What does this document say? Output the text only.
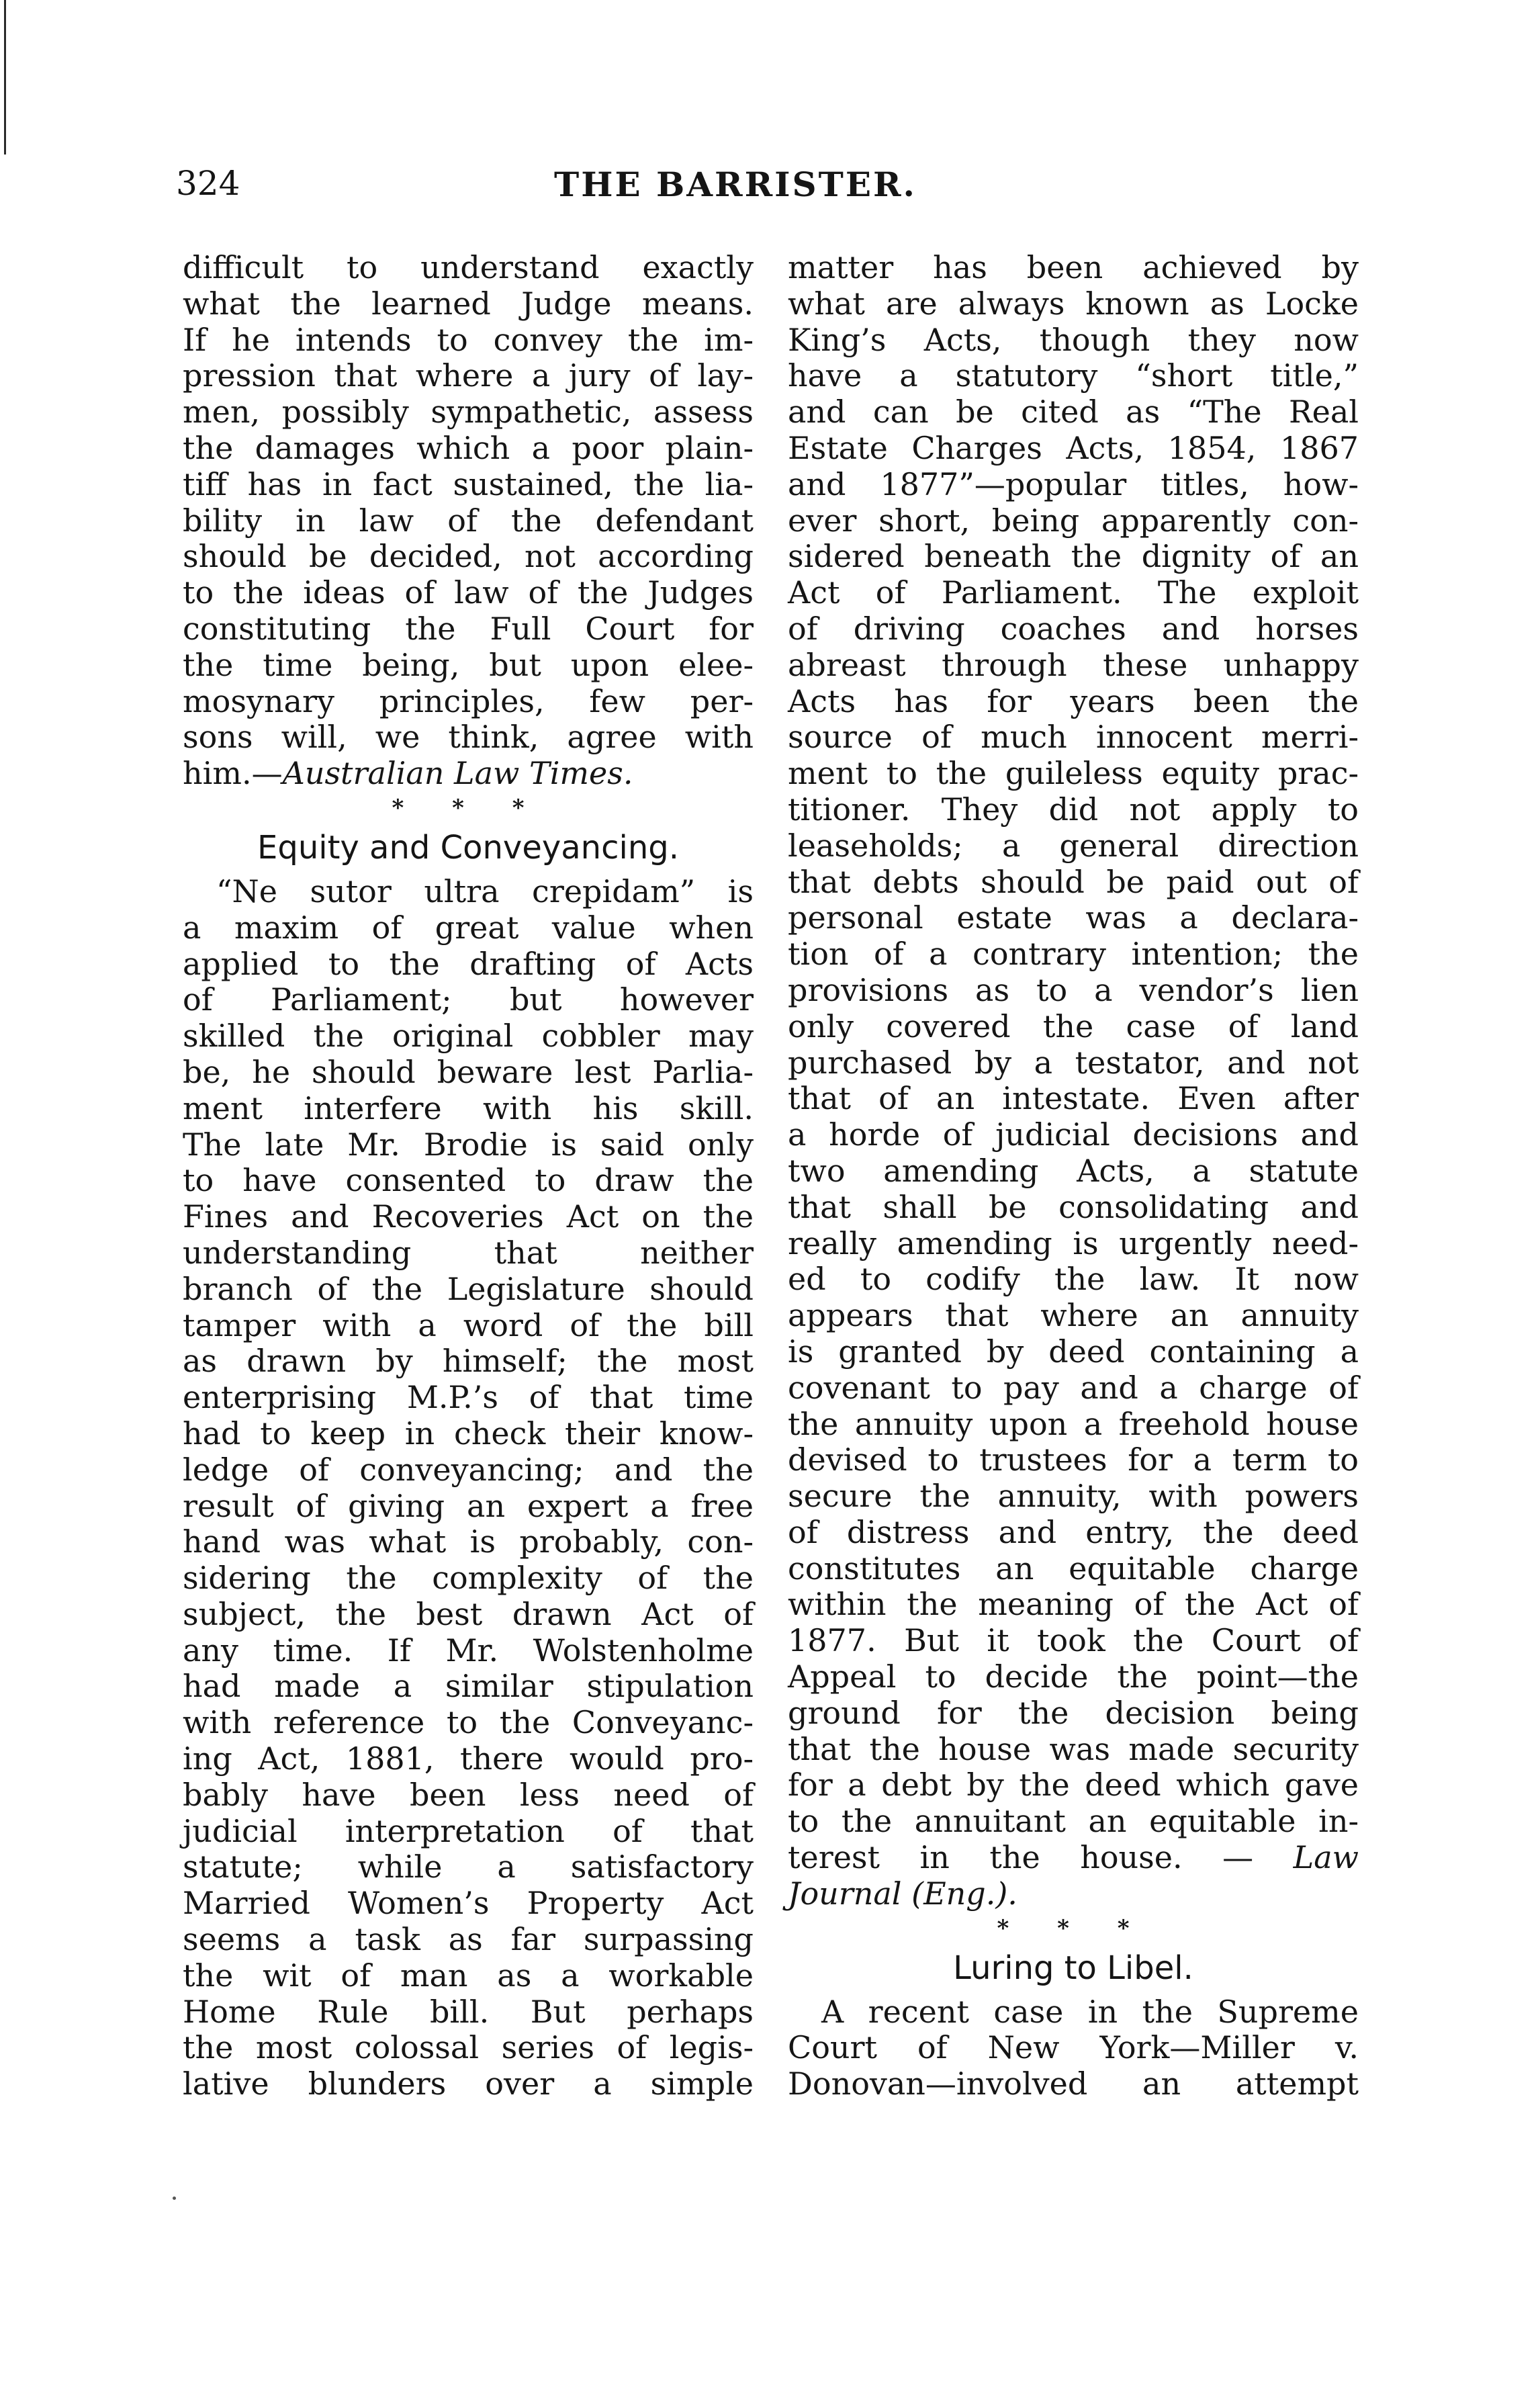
324	THE BARRISTER.

difficult to understand exactly

what the learned Judge means.

If he intends to convey the im-

pression that where a jury of lay-

men, possibly sympathetic, assess

the damages which a poor plain-

tiff has in fact sustained, the lia-

bility in law of the defendant

should be decided, not according

to the ideas of law of the Judges

constituting the Full Court for

the time being, but upon elee-

mosynary principles, few per-

sons will, we think, agree with

him.—Australian Law Times.

* * *
Equity and Conveyancing.

“Ne sutor ultra crepidam” is

a maxim of great value when

applied to the drafting of Acts

of Parliament; but however

skilled the original cobbler may

be, he should beware lest Parlia-

ment interfere with his skill.

The late Mr. Brodie is said only

to have consented to draw the

Fines and Recoveries Act on the

understanding that neither

branch of the Legislature should

tamper with a word of the bill

as drawn by himself; the most

enterprising M.P.’s of that time

had to keep in check their know-

ledge of conveyancing; and the

result of giving an expert a free

hand was what is probably, con-

sidering the complexity of the

subject, the best drawn Act of

any time. If Mr. Wolstenholme

had made a similar stipulation

with reference to the Conveyanc-

ing Act, 1881, there would pro-

bably have been less need of

judicial interpretation of that

statute; while a satisfactory

Married Women’s Property Act

seems a task as far surpassing

the wit of man as a workable

Home Rule bill. But perhaps

the most colossal series of legis-

lative blunders over a simple

matter has been achieved by

what are always known as Locke

King’s Acts, though they now

have a statutory “short title,”

and can be cited as “The Real

Estate Charges Acts, 1854, 1867

and 1877”—popular titles, how-

ever short, being apparently con-

sidered beneath the dignity of an

Act of Parliament. The exploit

of driving coaches and horses

abreast through these unhappy

Acts has for years been the

source of much innocent merri-

ment to the guileless equity prac-

titioner. They did not apply to

leaseholds; a general direction

that debts should be paid out of

personal estate was a declara-

tion of a contrary intention; the

provisions as to a vendor’s lien

only covered the case of land

purchased by a testator, and not

that of an intestate. Even after

a horde of judicial decisions and

two amending Acts, a statute

that shall be consolidating and

really amending is urgently need-

ed to codify the law. It now

appears that where an annuity

is granted by deed containing a

covenant to pay and a charge of

the annuity upon a freehold house

devised to trustees for a term to

secure the annuity, with powers

of distress and entry, the deed

constitutes an equitable charge

within the meaning of the Act of

1877. But it took the Court of

Appeal to decide the point—the

ground for the decision being

that the house was made security

for a debt by the deed which gave

to the annuitant an equitable in-

terest in the house. — Law

Journal (Eng.).

* * *
Luring to Libel.

A recent case in the Supreme

Court of New York—Miller v.

Donovan—involved an attempt
